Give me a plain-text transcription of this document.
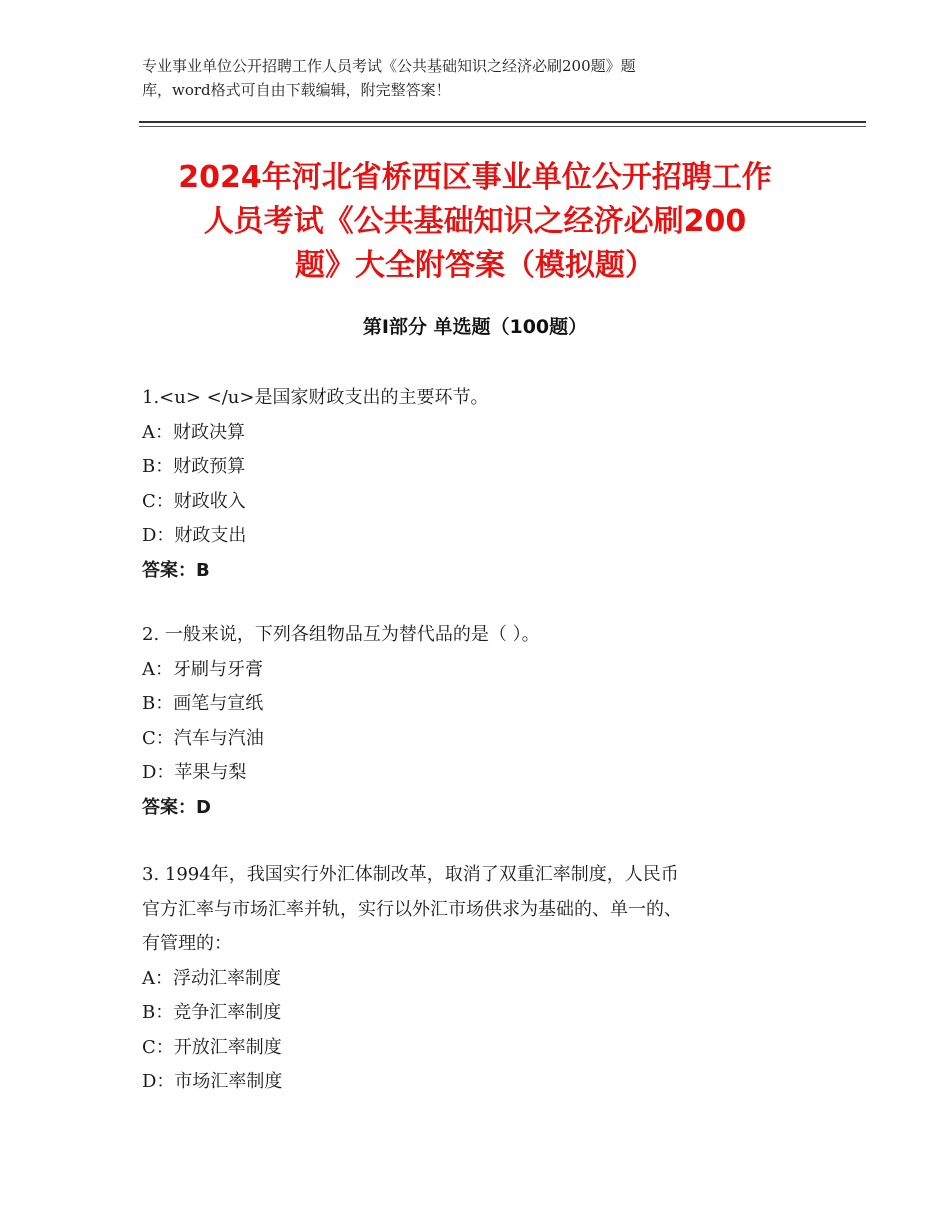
专业事业单位公开招聘工作人员考试《公共基础知识之经济必刷200题》题
库，word格式可自由下载编辑，附完整答案！
2024年河北省桥西区事业单位公开招聘工作
人员考试《公共基础知识之经济必刷200
题》大全附答案（模拟题）
第Ⅰ部分 单选题（100题）
1.<u> </u>是国家财政支出的主要环节。
A：财政决算
B：财政预算
C：财政收入
D：财政支出
答案：B
2. 一般来说，下列各组物品互为替代品的是（ ）。
A：牙刷与牙膏
B：画笔与宣纸
C：汽车与汽油
D：苹果与梨
答案：D
3. 1994年，我国实行外汇体制改革，取消了双重汇率制度，人民币
官方汇率与市场汇率并轨，实行以外汇市场供求为基础的、单一的、
有管理的：
A：浮动汇率制度
B：竞争汇率制度
C：开放汇率制度
D：市场汇率制度
